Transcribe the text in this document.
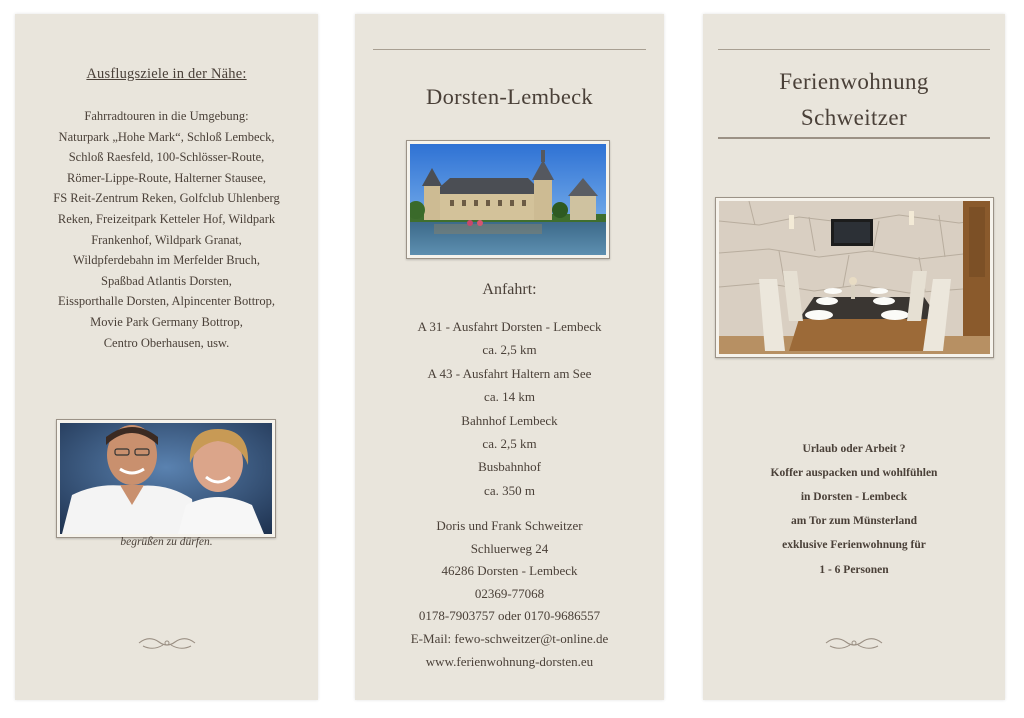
Ausflugsziele in der Nähe:
Fahrradtouren in die Umgebung:
Naturpark „Hohe Mark“, Schloß Lembeck,
Schloß Raesfeld, 100-Schlösser-Route,
Römer-Lippe-Route, Halterner Stausee,
FS Reit-Zentrum Reken, Golfclub Uhlenberg
Reken, Freizeitpark Ketteler Hof, Wildpark
Frankenhof, Wildpark Granat,
Wildpferdebahn im Merfelder Bruch,
Spaßbad Atlantis Dorsten,
Eissporthalle Dorsten, Alpincenter Bottrop,
Movie Park Germany Bottrop,
Centro Oberhausen, usw.
begrüßen zu dürfen.
Dorsten-Lembeck
Anfahrt:
A 31 - Ausfahrt Dorsten - Lembeck
ca. 2,5 km
A 43 - Ausfahrt Haltern am See
ca. 14 km
Bahnhof Lembeck
ca. 2,5 km
Busbahnhof
ca. 350 m
Doris und Frank Schweitzer
Schluerweg 24
46286 Dorsten - Lembeck
02369-77068
0178-7903757 oder 0170-9686557
E-Mail: fewo-schweitzer@t-online.de
www.ferienwohnung-dorsten.eu
Ferienwohnung
Schweitzer
Urlaub oder Arbeit ?
Koffer auspacken und wohlfühlen
in Dorsten - Lembeck
am Tor zum Münsterland
exklusive Ferienwohnung für
1 - 6 Personen
